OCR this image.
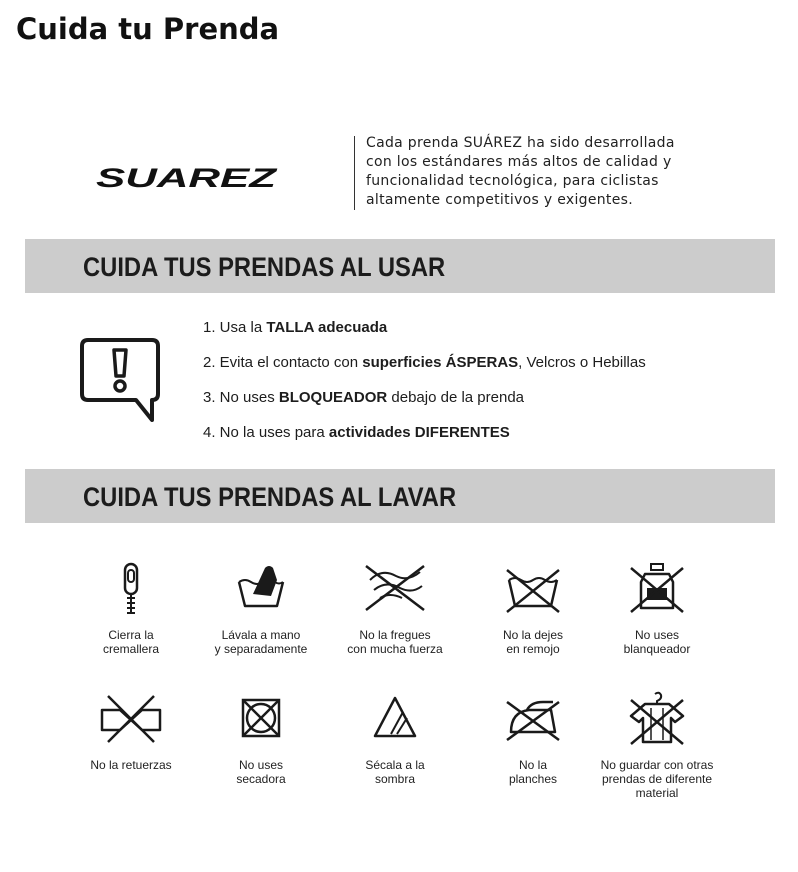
Cuida tu Prenda
SUAREZ
Cada prenda SUÁREZ ha sido desarrollada
con los estándares más altos de calidad y
funcionalidad tecnológica, para ciclistas
altamente competitivos y exigentes.
CUIDA TUS PRENDAS AL USAR
1. Usa la TALLA adecuada
2. Evita el contacto con superficies ÁSPERAS, Velcros o Hebillas
3. No uses BLOQUEADOR debajo de la prenda
4. No la uses para actividades DIFERENTES
CUIDA TUS PRENDAS AL LAVAR
Cierra la
cremallera
Lávala a mano
y separadamente
No la fregues
con mucha fuerza
No la dejes
en remojo
No uses
blanqueador
No la retuerzas	No uses
secadora
Sécala a la
sombra
No la
planches
No guardar con otras
prendas de diferente
material
